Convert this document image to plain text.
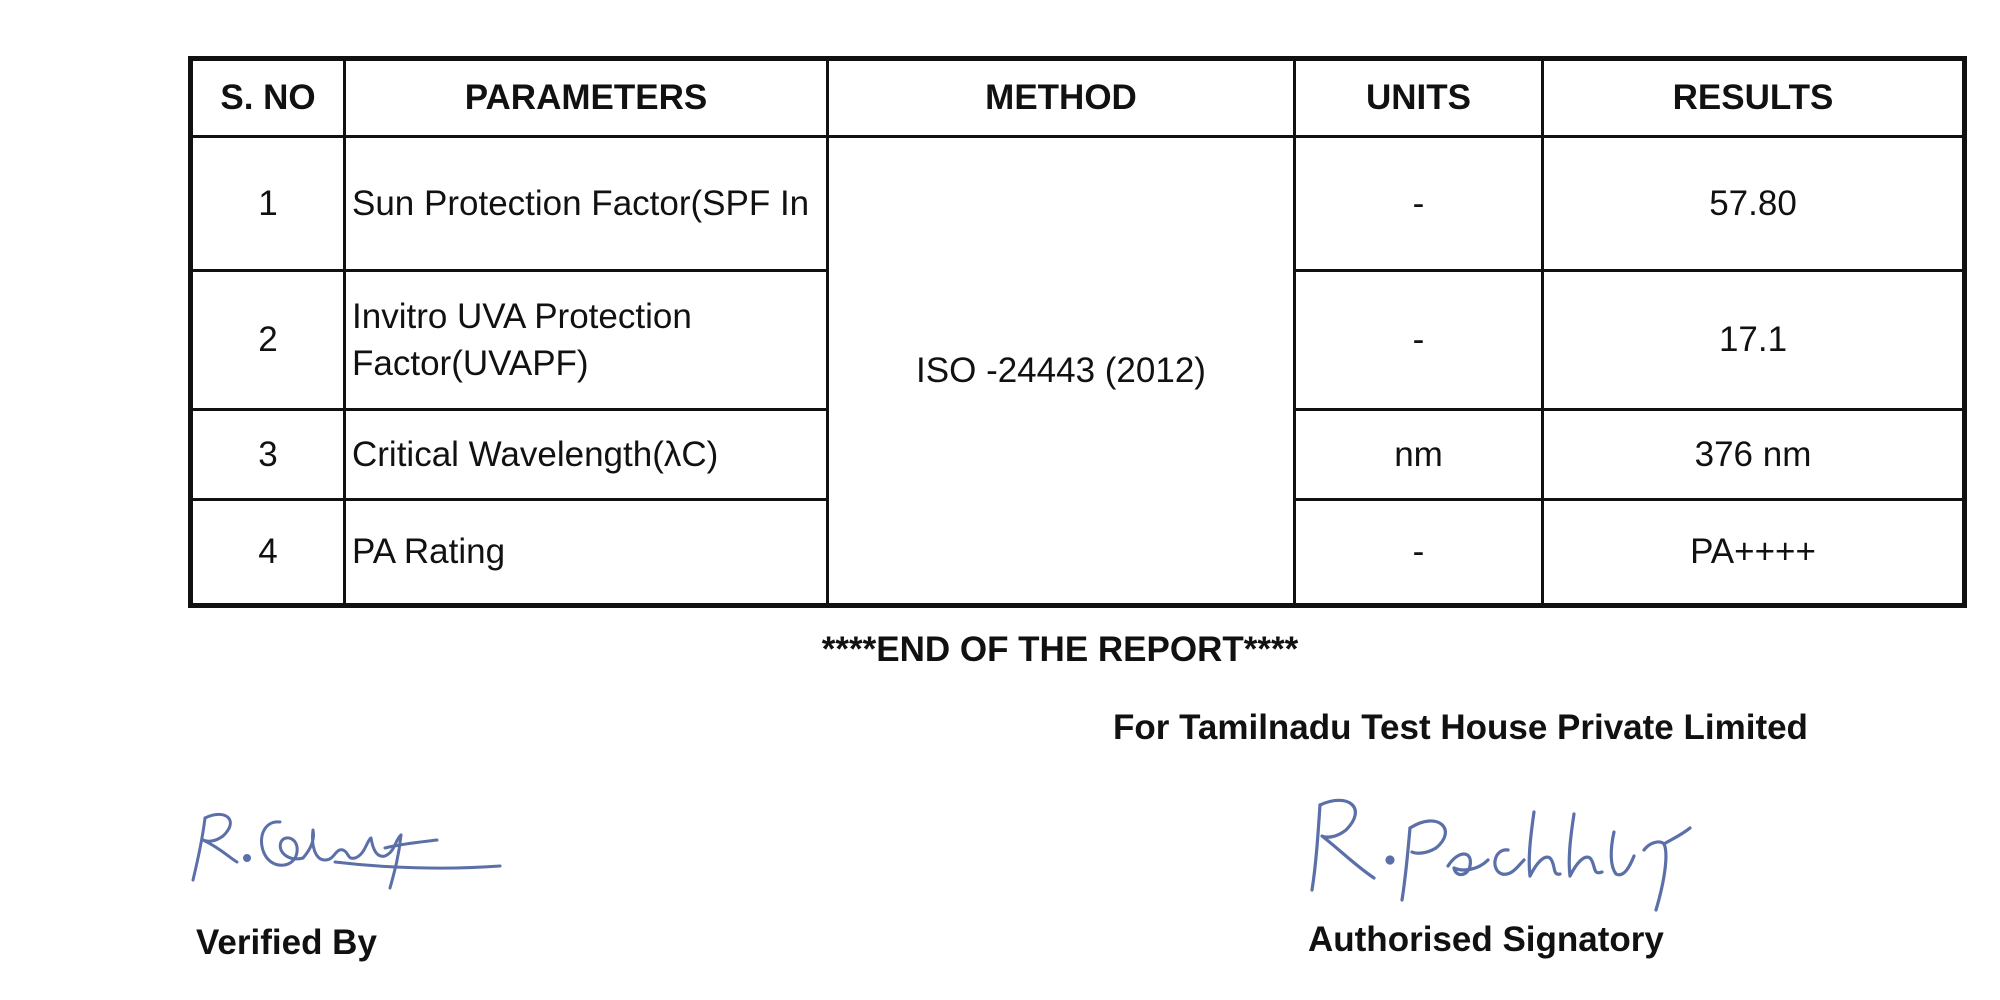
S. NO	PARAMETERS	METHOD	UNITS	RESULTS
1	Sun Protection Factor(SPF In	ISO -24443 (2012)	-	57.80
2	Invitro UVA Protection Factor(UVAPF)		-	17.1
3	Critical Wavelength(λC)		nm	376 nm
4	PA Rating		-	PA++++
****END OF THE REPORT****
For Tamilnadu Test House Private Limited
Verified By	Authorised Signatory
